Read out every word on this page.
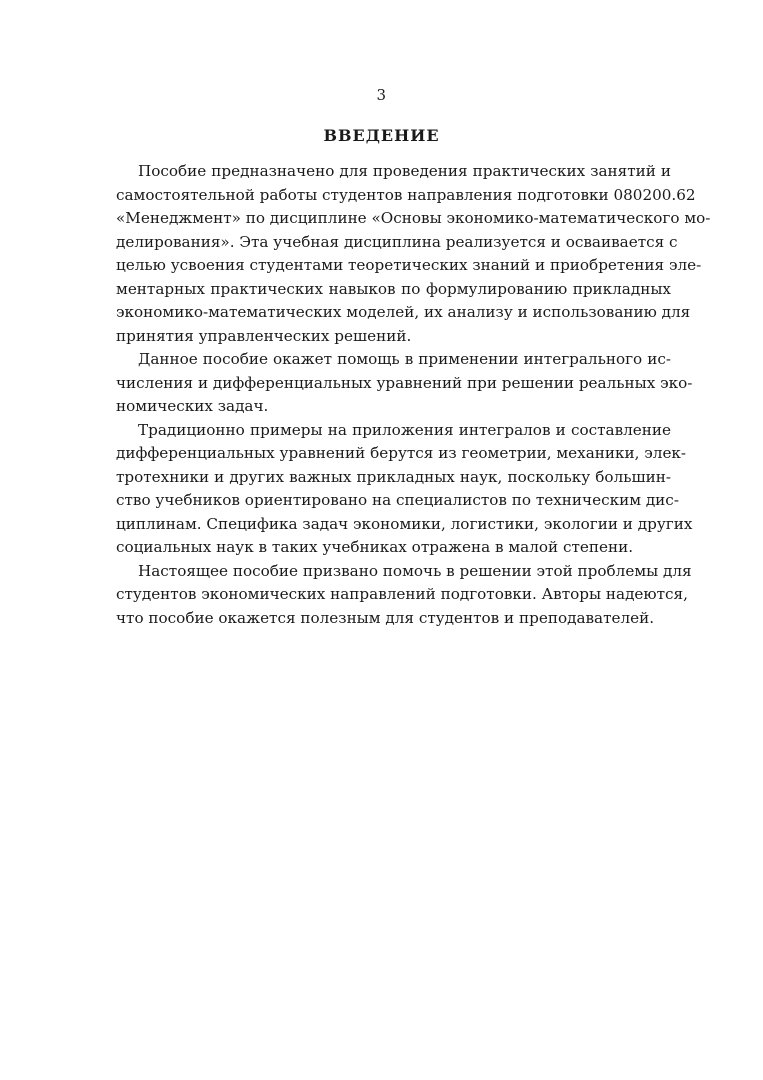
3
ВВЕДЕНИЕ

Пособие предназначено для проведения практических занятий и
самостоятельной работы студентов направления подготовки 080200.62
«Менеджмент» по дисциплине «Основы экономико-математического мо-
делирования». Эта учебная дисциплина реализуется и осваивается с
целью усвоения студентами теоретических знаний и приобретения эле-
ментарных практических навыков по формулированию прикладных
экономико-математических моделей, их анализу и использованию для
принятия управленческих решений.

Данное пособие окажет помощь в применении интегрального ис-
числения и дифференциальных уравнений при решении реальных эко-
номических задач.

Традиционно примеры на приложения интегралов и составление
дифференциальных уравнений берутся из геометрии, механики, элек-
тротехники и других важных прикладных наук, поскольку большин-
ство учебников ориентировано на специалистов по техническим дис-
циплинам. Специфика задач экономики, логистики, экологии и других
социальных наук в таких учебниках отражена в малой степени.

Настоящее пособие призвано помочь в решении этой проблемы для
студентов экономических направлений подготовки. Авторы надеются,
что пособие окажется полезным для студентов и преподавателей.
